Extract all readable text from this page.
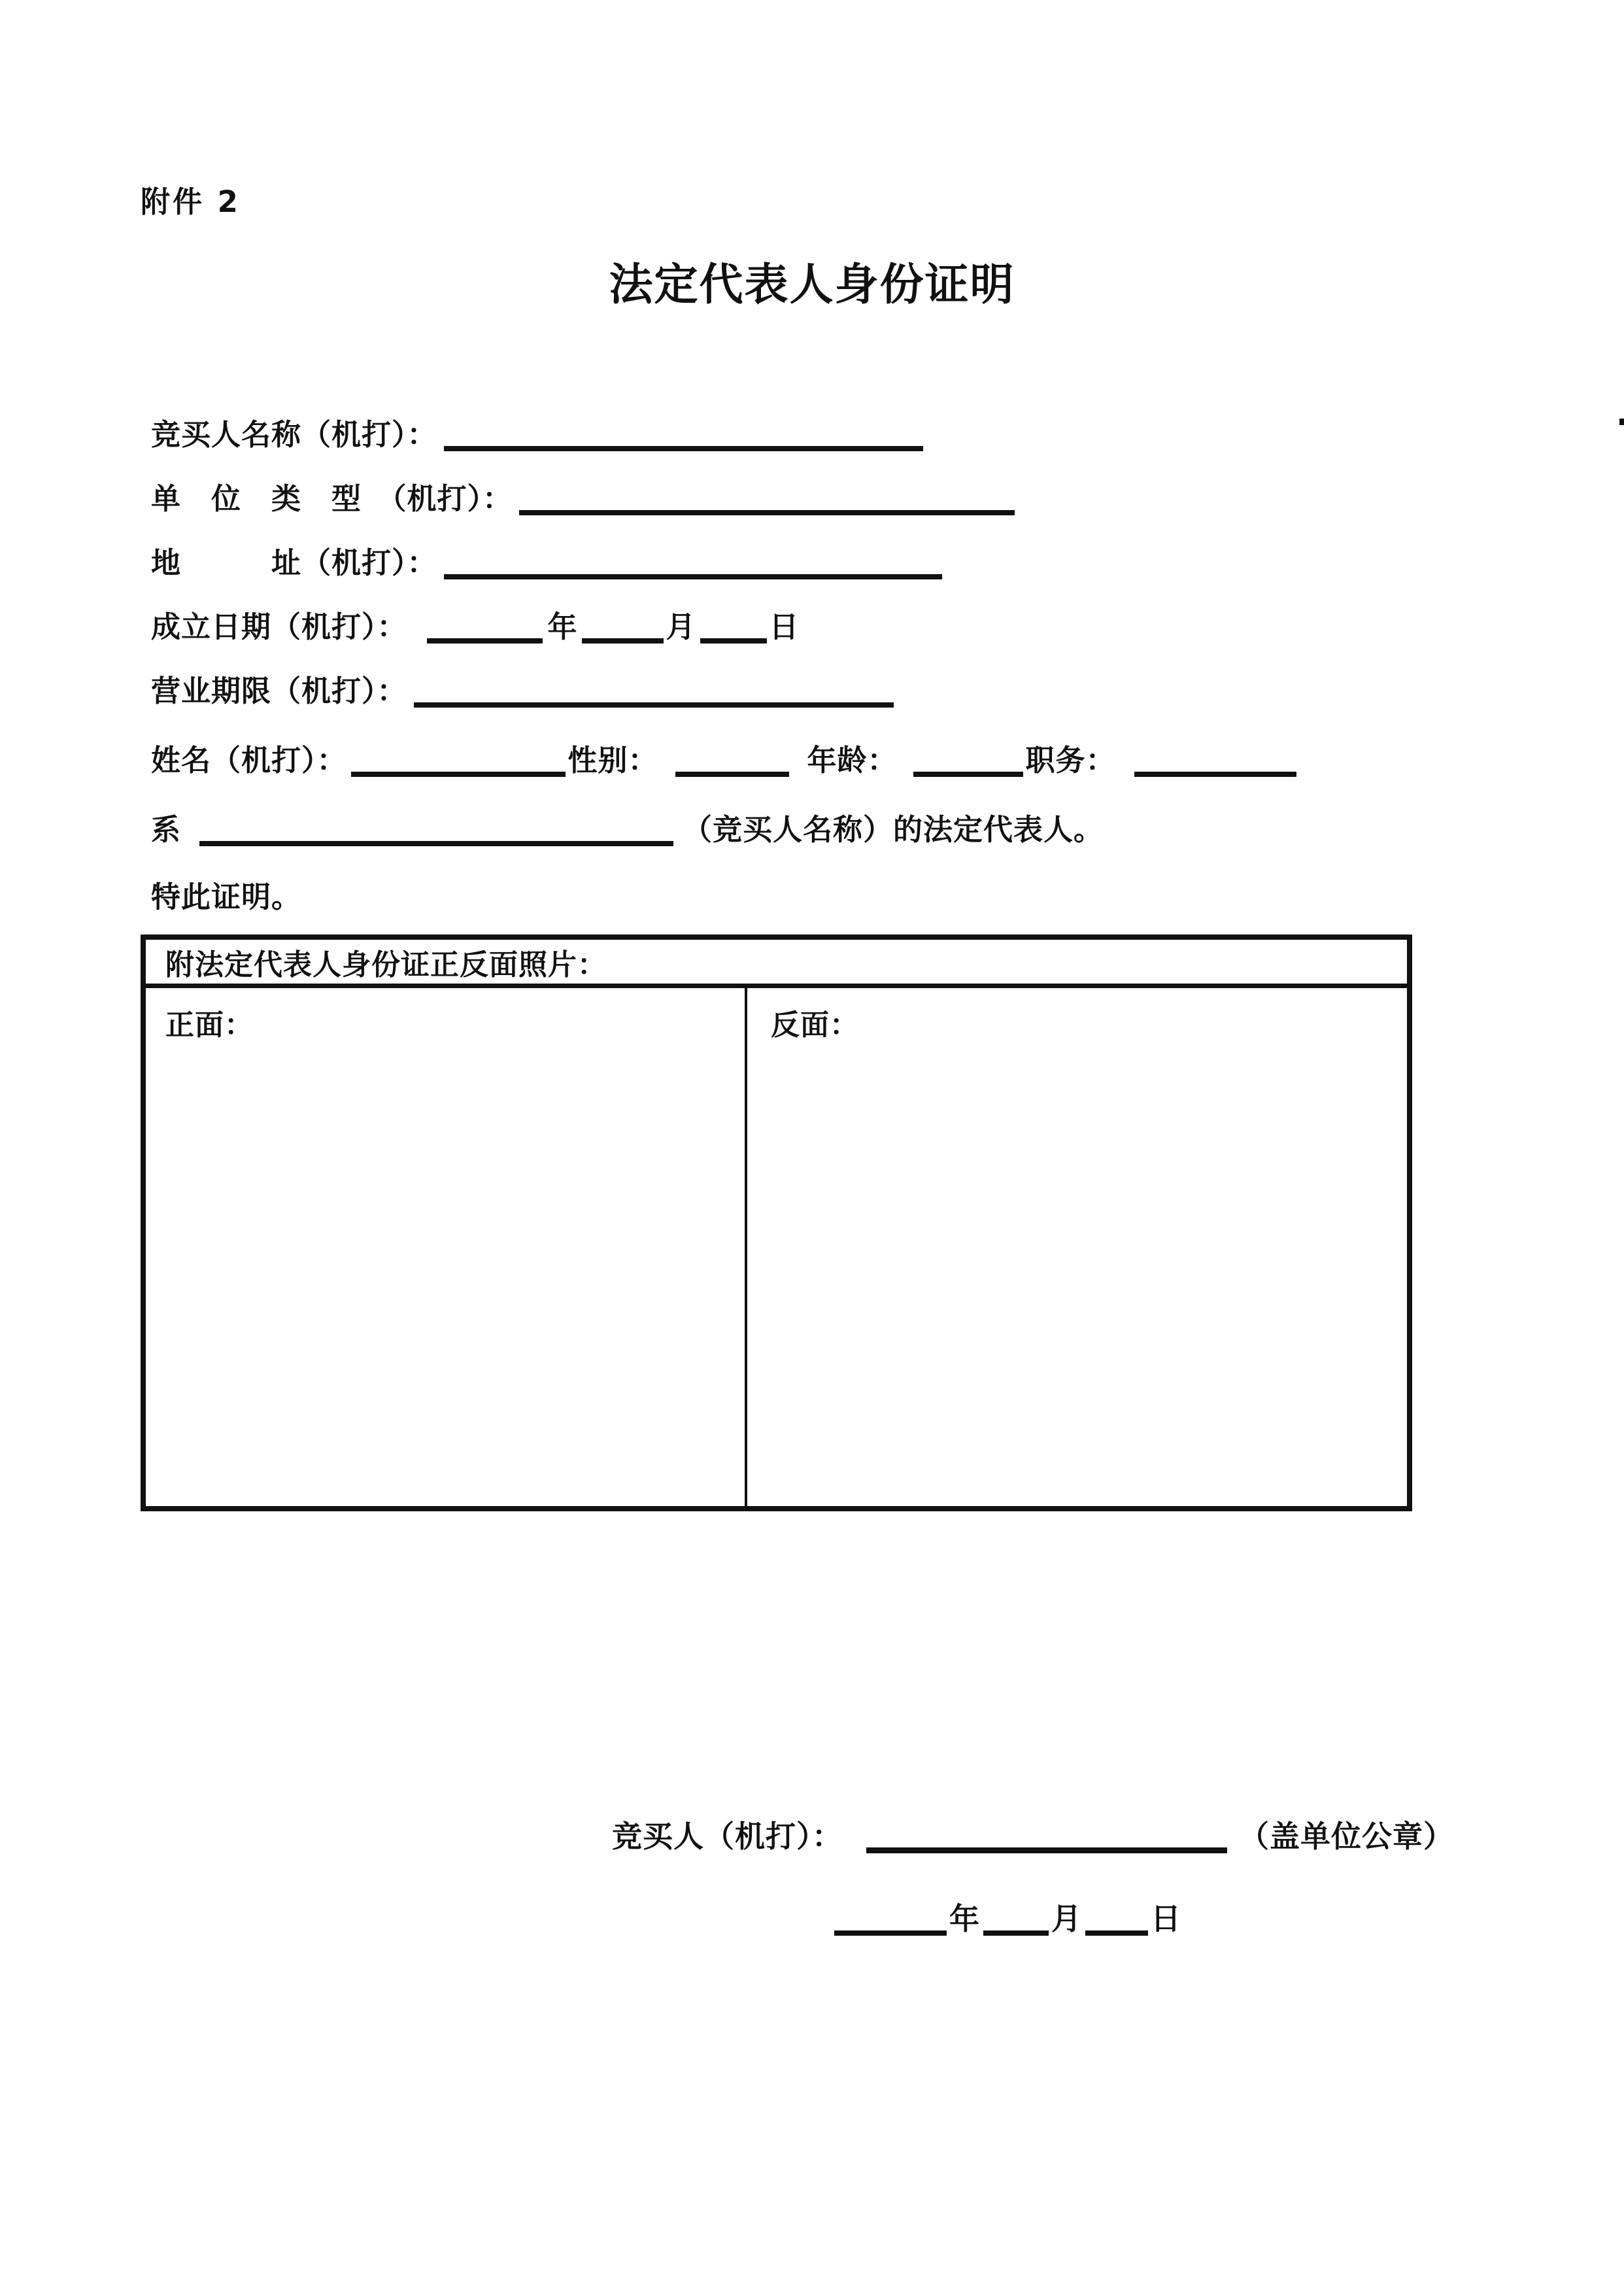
附件 2
法定代表人身份证明
竞买人名称（机打）：
单　位　类　型　（机打）：
地　　　址（机打）：
成立日期（机打）：	年	月 日
营业期限（机打）：
姓名（机打）：	性别：	年龄：	职务：
系	（竞买人名称）的法定代表人。
特此证明。
附法定代表人身份证正反面照片：
正面：	反面：
竞买人（机打）：	（盖单位公章）
年 月 日
